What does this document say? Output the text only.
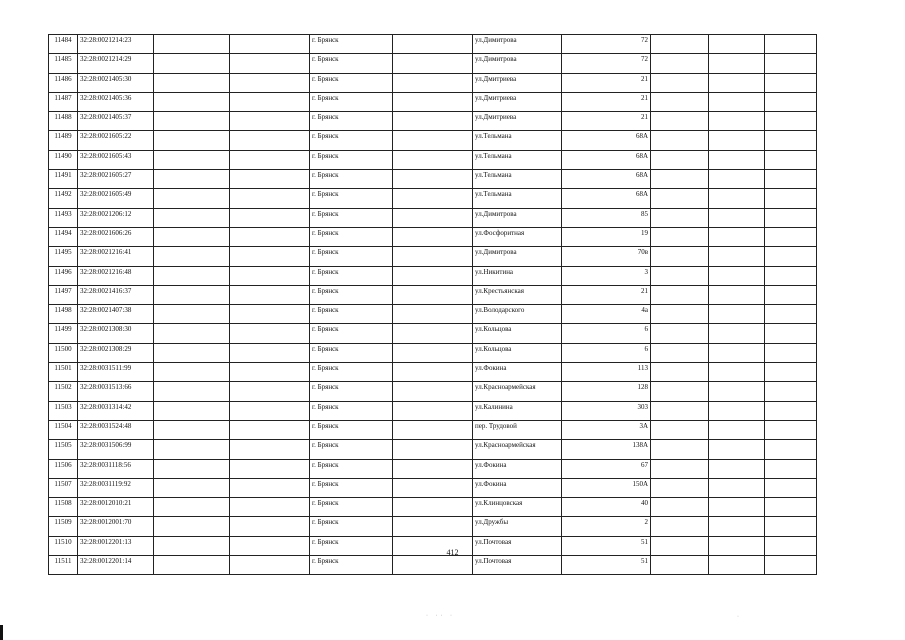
11484	32:28:0021214:23			г. Брянск		ул.Димитрова	72			
11485	32:28:0021214:29			г. Брянск		ул.Димитрова	72			
11486	32:28:0021405:30			г. Брянск		ул.Дмитриева	21			
11487	32:28:0021405:36			г. Брянск		ул.Дмитриева	21			
11488	32:28:0021405:37			г. Брянск		ул.Дмитриева	21			
11489	32:28:0021605:22			г. Брянск		ул.Тельмана	68А			
11490	32:28:0021605:43			г. Брянск		ул.Тельмана	68А			
11491	32:28:0021605:27			г. Брянск		ул.Тельмана	68А			
11492	32:28:0021605:49			г. Брянск		ул.Тельмана	68А			
11493	32:28:0021206:12			г. Брянск		ул.Димитрова	85			
11494	32:28:0021606:26			г. Брянск		ул.Фосфоритная	19			
11495	32:28:0021216:41			г. Брянск		ул.Димитрова	70в			
11496	32:28:0021216:48			г. Брянск		ул.Никитина	3			
11497	32:28:0021416:37			г. Брянск		ул.Крестьянская	21			
11498	32:28:0021407:38			г. Брянск		ул.Володарского	4а			
11499	32:28:0021308:30			г. Брянск		ул.Кольцова	6			
11500	32:28:0021308:29			г. Брянск		ул.Кольцова	6			
11501	32:28:0031511:99			г. Брянск		ул.Фокина	113			
11502	32:28:0031513:66			г. Брянск		ул.Красноармейская	128			
11503	32:28:0031314:42			г. Брянск		ул.Калинина	303			
11504	32:28:0031524:48			г. Брянск		пер. Трудовой	3А			
11505	32:28:0031506:99			г. Брянск		ул.Красноармейская	138А			
11506	32:28:0031118:56			г. Брянск		ул.Фокина	67			
11507	32:28:0031119:92			г. Брянск		ул.Фокина	150А			
11508	32:28:0012010:21			г. Брянск		ул.Клинцовская	40			
11509	32:28:0012001:70			г. Брянск		ул.Дружбы	2			
11510	32:28:0012201:13			г. Брянск		ул.Почтовая	51			
11511	32:28:0012201:14			г. Брянск		ул.Почтовая	51			
412
· ·· ·	·
